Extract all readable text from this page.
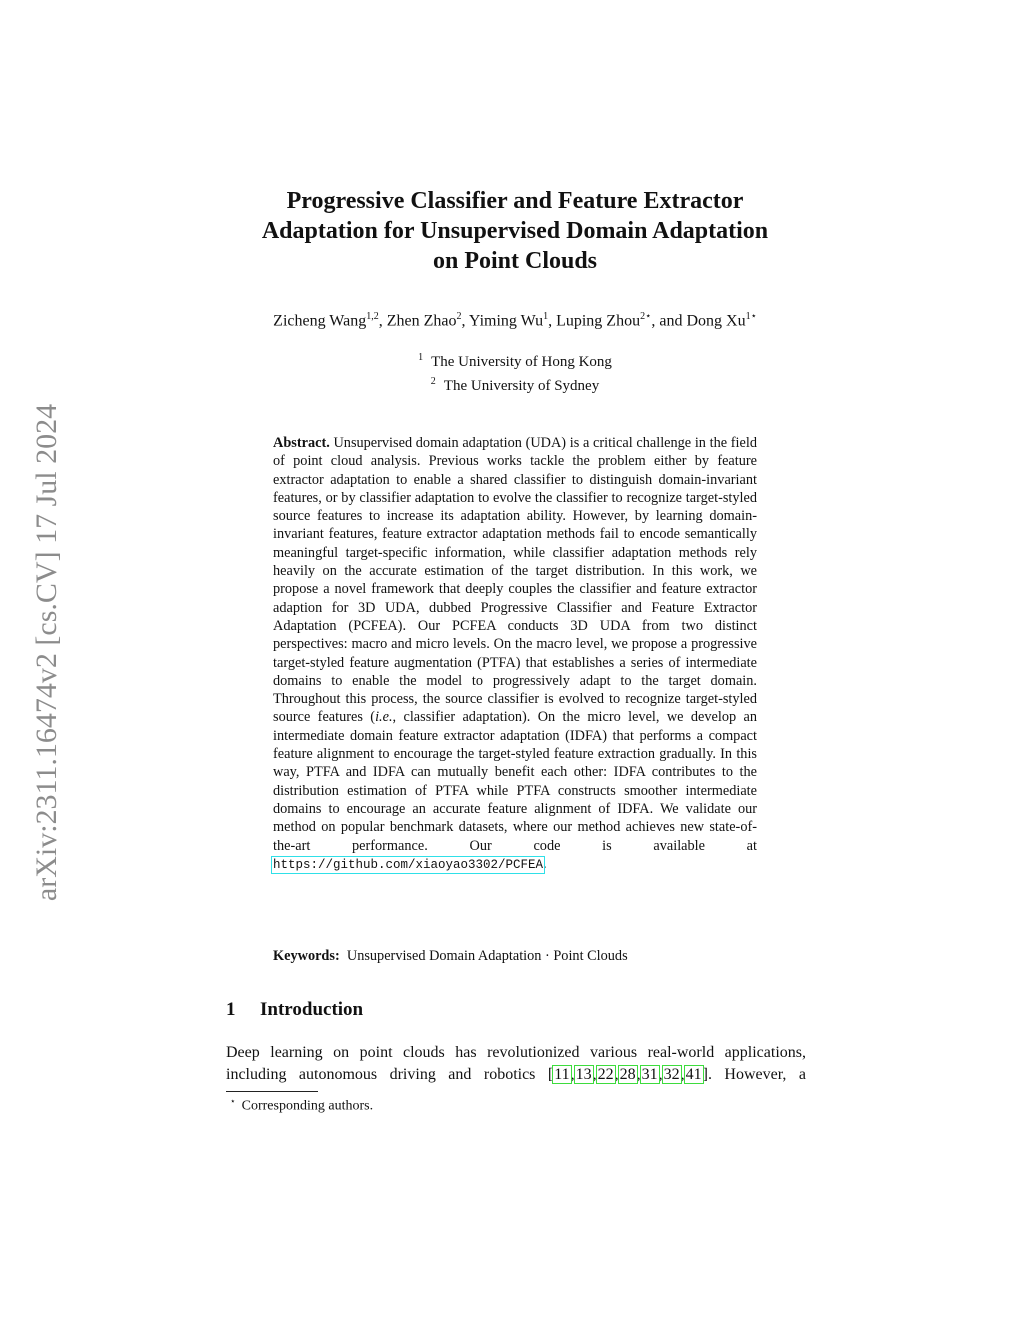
arXiv:2311.16474v2 [cs.CV] 17 Jul 2024
Progressive Classifier and Feature Extractor
Adaptation for Unsupervised Domain Adaptation
on Point Clouds
Zicheng Wang$^{1,2}$, Zhen Zhao$^2$, Yiming Wu$^1$, Luping Zhou$^{2⋆}$, and Dong $Xu^{1⋆}$
$^1$ The University of Hong Kong
$^2$ The University of Sydney
Abstract. Unsupervised domain adaptation (UDA) is a critical challenge in the field of point cloud analysis. Previous works tackle the problem either by feature extractor adaptation to enable a shared classifier to distinguish domain-invariant features, or by classifier adaptation to evolve the classifier to recognize target-styled source features to increase its adaptation ability. However, by learning domain-invariant features, feature extractor adaptation methods fail to encode semantically meaningful target-specific information, while classifier adaptation methods rely heavily on the accurate estimation of the target distribution. In this work, we propose a novel framework that deeply couples the classifier and feature extractor adaption for 3D UDA, dubbed Progressive Classifier and Feature Extractor Adaptation (PCFEA). Our PCFEA conducts 3D UDA from two distinct perspectives: macro and micro levels. On the macro level, we propose a progressive target-styled feature augmentation (PTFA) that establishes a series of intermediate domains to enable the model to progressively adapt to the target domain. Throughout this process, the source classifier is evolved to recognize target-styled source features (i.e., classifier adaptation). On the micro level, we develop an intermediate domain feature extractor adaptation (IDFA) that performs a compact feature alignment to encourage the target-styled feature extraction gradually. In this way, PTFA and IDFA can mutually benefit each other: IDFA contributes to the distribution estimation of PTFA while PTFA constructs smoother intermediate domains to encourage an accurate feature alignment of IDFA. We validate our method on popular benchmark datasets, where our method achieves new state-of-the-art performance. Our code is available at https://github.com/xiaoyao3302/PCFEA.
Keywords: Unsupervised Domain Adaptation · Point Clouds
1 Introduction
Deep learning on point clouds has revolutionized various real-world applications,
including autonomous driving and robotics [11,13,22,28,31,32,41]. However, a
⋆ Corresponding authors.
